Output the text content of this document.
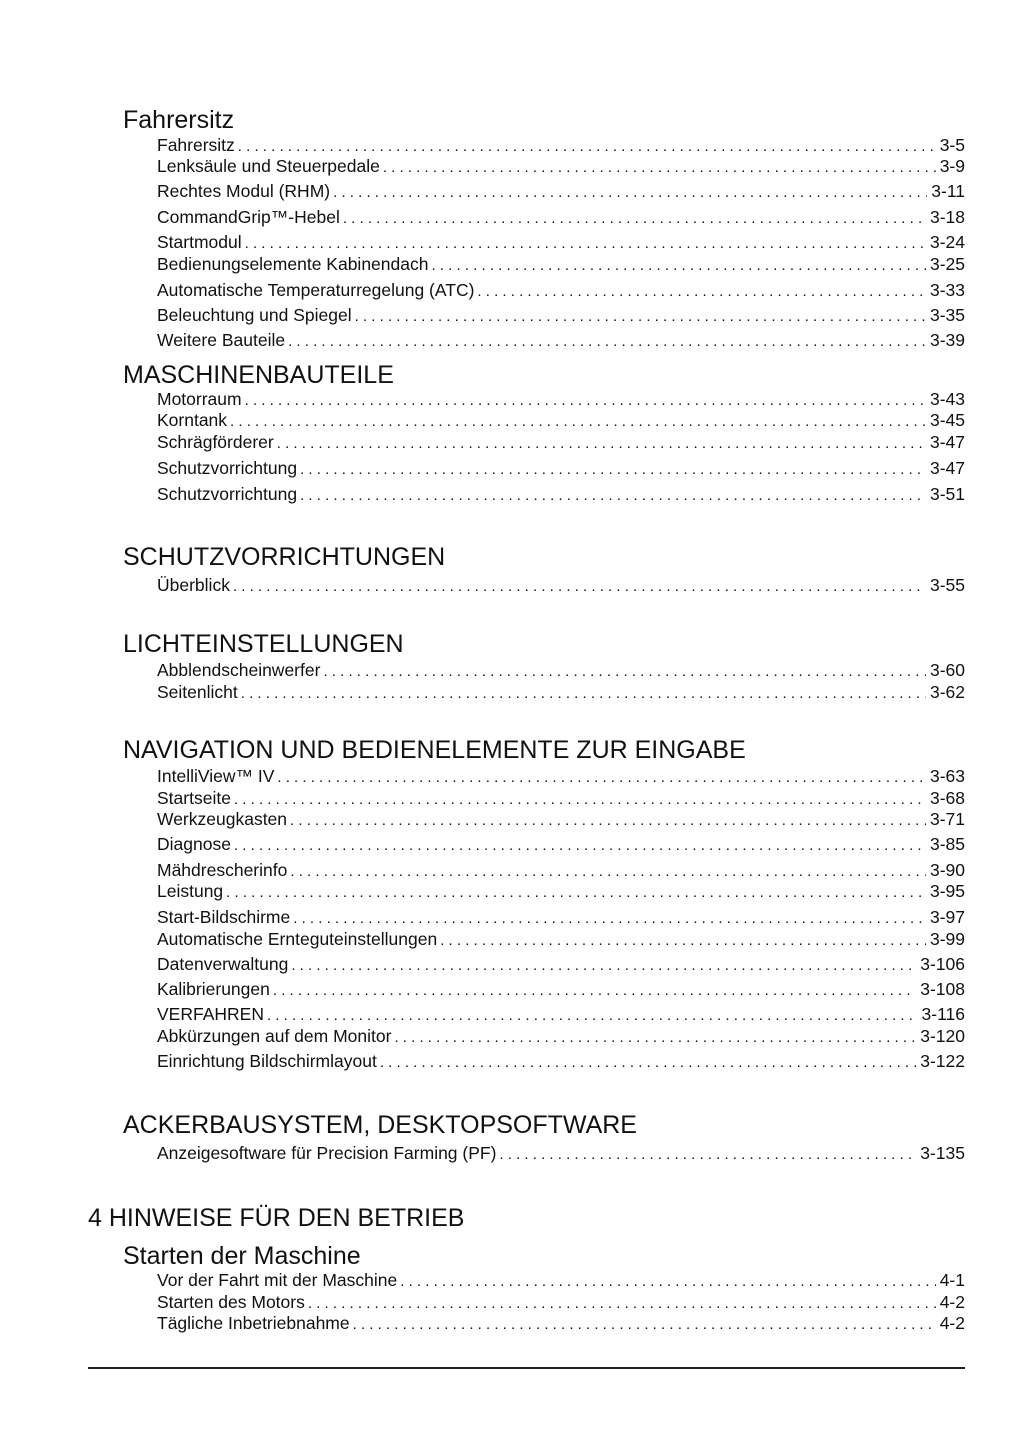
Fahrersitz
Fahrersitz . . .	3-5
Lenksäule und Steuerpedale . . .	3-9
Rechtes Modul (RHM) . . .	3-11
CommandGrip™-Hebel . . .	3-18
Startmodul . . .	3-24
Bedienungselemente Kabinendach . . .	3-25
Automatische Temperaturregelung (ATC) . . .	3-33
Beleuchtung und Spiegel . . .	3-35
Weitere Bauteile . . .	3-39
MASCHINENBAUTEILE
Motorraum . . .	3-43
Korntank . . .	3-45
Schrägförderer . . .	3-47
Schutzvorrichtung . . .	3-47
Schutzvorrichtung . . .	3-51
SCHUTZVORRICHTUNGEN
Überblick . . .	3-55
LICHTEINSTELLUNGEN
Abblendscheinwerfer . . .	3-60
Seitenlicht . . .	3-62
NAVIGATION UND BEDIENELEMENTE ZUR EINGABE
IntelliView™ IV . . .	3-63
Startseite . . .	3-68
Werkzeugkasten . . .	3-71
Diagnose . . .	3-85
Mähdrescherinfo . . .	3-90
Leistung . . .	3-95
Start-Bildschirme . . .	3-97
Automatische Ernteguteinstellungen . . .	3-99
Datenverwaltung . . .	3-106
Kalibrierungen . . .	3-108
VERFAHREN . . .	3-116
Abkürzungen auf dem Monitor . . .	3-120
Einrichtung Bildschirmlayout . . .	3-122
ACKERBAUSYSTEM, DESKTOPSOFTWARE
Anzeigesoftware für Precision Farming (PF) . . .	3-135
4 HINWEISE FÜR DEN BETRIEB
Starten der Maschine
Vor der Fahrt mit der Maschine . . .	4-1
Starten des Motors . . .	4-2
Tägliche Inbetriebnahme . . .	4-2
